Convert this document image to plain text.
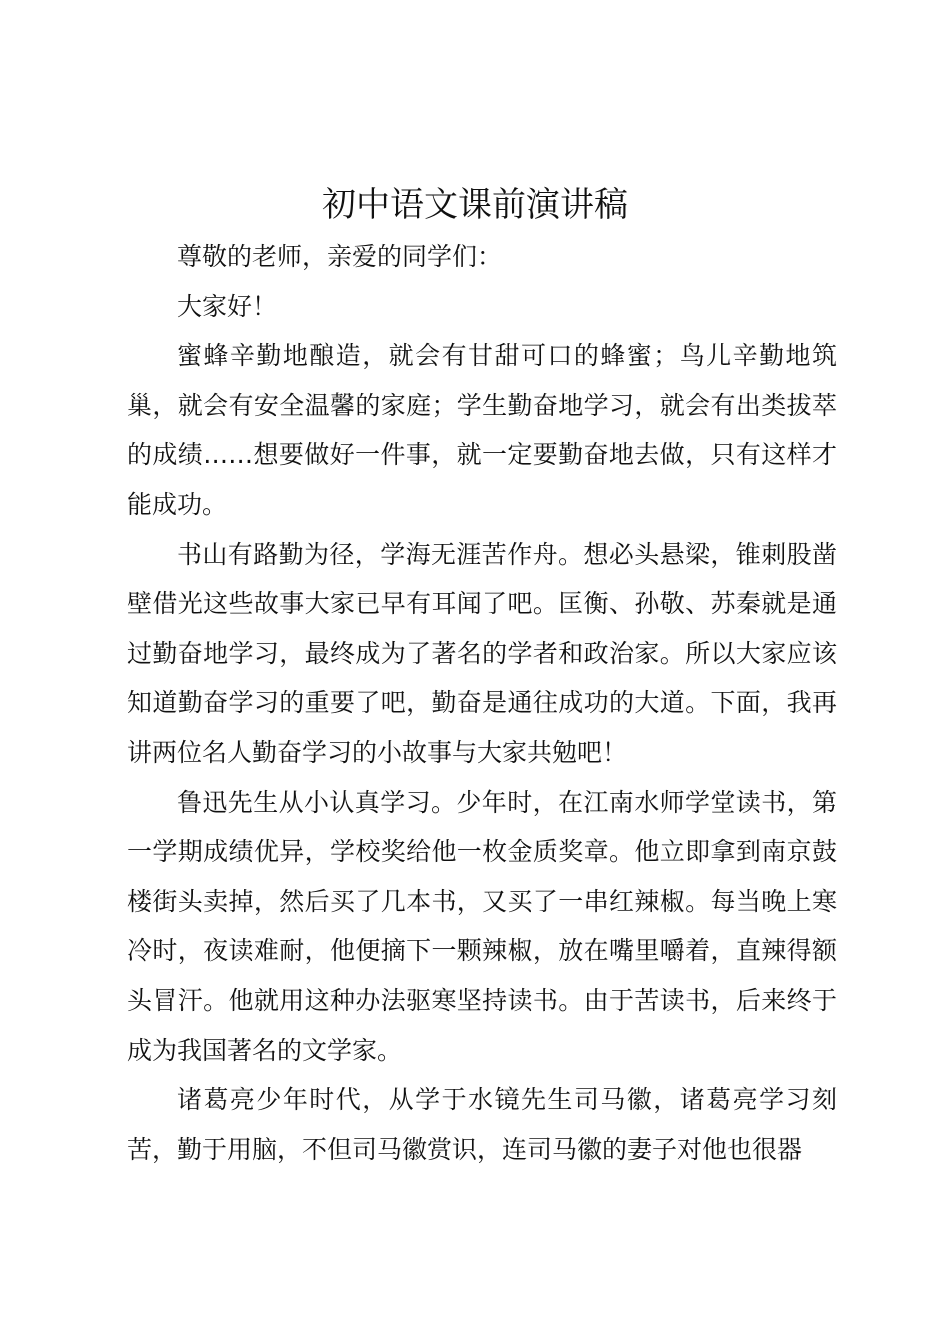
初中语文课前演讲稿

尊敬的老师，亲爱的同学们：

大家好！

蜜蜂辛勤地酿造，就会有甘甜可口的蜂蜜；鸟儿辛勤地筑巢，就会有安全温馨的家庭；学生勤奋地学习，就会有出类拔萃的成绩……想要做好一件事，就一定要勤奋地去做，只有这样才能成功。

书山有路勤为径，学海无涯苦作舟。想必头悬梁，锥刺股凿壁借光这些故事大家已早有耳闻了吧。匡衡、孙敬、苏秦就是通过勤奋地学习，最终成为了著名的学者和政治家。所以大家应该知道勤奋学习的重要了吧，勤奋是通往成功的大道。下面，我再讲两位名人勤奋学习的小故事与大家共勉吧！

鲁迅先生从小认真学习。少年时，在江南水师学堂读书，第一学期成绩优异，学校奖给他一枚金质奖章。他立即拿到南京鼓楼街头卖掉，然后买了几本书，又买了一串红辣椒。每当晚上寒冷时，夜读难耐，他便摘下一颗辣椒，放在嘴里嚼着，直辣得额头冒汗。他就用这种办法驱寒坚持读书。由于苦读书，后来终于成为我国著名的文学家。

诸葛亮少年时代，从学于水镜先生司马徽，诸葛亮学习刻苦，勤于用脑，不但司马徽赏识，连司马徽的妻子对他也很器
